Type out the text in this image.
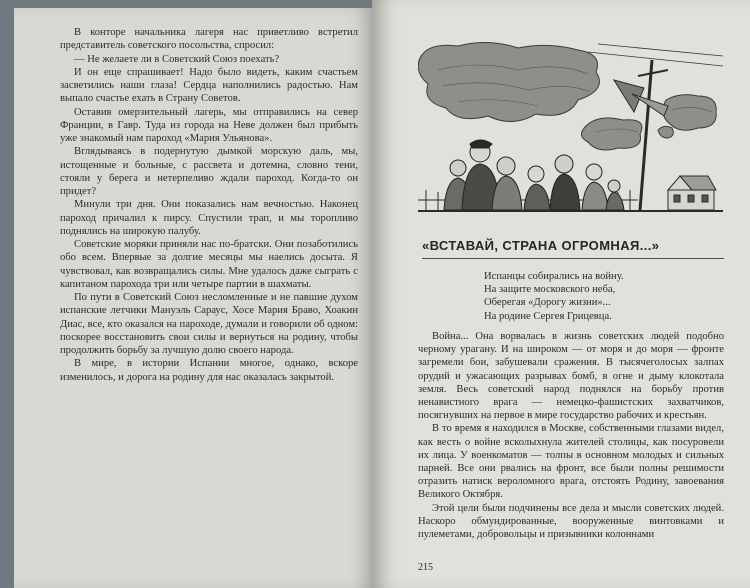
В конторе начальника лагеря нас приветливо встретил представитель советского посольства, спросил:

— Не желаете ли в Советский Союз поехать?

И он еще спрашивает! Надо было видеть, каким счастьем засветились наши глаза! Сердца наполнились радостью. Нам выпало счастье ехать в Страну Советов.

Оставив омерзительный лагерь, мы отправились на север Франции, в Гавр. Туда из города на Неве должен был прибыть уже знакомый нам пароход «Мария Ульянова».

Вглядываясь в подернутую дымкой морскую даль, мы, истощенные и больные, с рассвета и дотемна, словно тени, стояли у берега и нетерпеливо ждали пароход. Когда-то он придет?

Минули три дня. Они показались нам вечностью. Наконец пароход причалил к пирсу. Спустили трап, и мы торопливо поднялись на широкую палубу.

Советские моряки приняли нас по-братски. Они позаботились обо всем. Впервые за долгие месяцы мы наелись досыта. Я чувствовал, как возвращались силы. Мне удалось даже сыграть с капитаном парохода три или четыре партии в шахматы.

По пути в Советский Союз несломленные и не павшие духом испанские летчики Мануэль Сараус, Хосе Мария Браво, Хоакин Диас, все, кто оказался на пароходе, думали и говорили об одном: поскорее восстановить свои силы и вернуться на родину, чтобы продолжить борьбу за лучшую долю своего народа.

В мире, в истории Испании многое, однако, вскоре изменилось, и дорога на родину для нас оказалась закрытой.

«ВСТАВАЙ, СТРАНА ОГРОМНАЯ...»
Испанцы собирались на войну.
На защите московского неба,
Оберегая «Дорогу жизни»...
На родине Сергея Грицевца.

Война... Она ворвалась в жизнь советских людей подобно черному урагану. И на широком — от моря и до моря — фронте загремели бои, забушевали сражения. В тысячеголосых залпах орудий и ужасающих разрывах бомб, в огне и дыму клокотала земля. Весь советский народ поднялся на борьбу против ненавистного врага — немецко-фашистских захватчиков, посягнувших на первое в мире государство рабочих и крестьян.

В то время я находился в Москве, собственными глазами видел, как весть о войне всколыхнула жителей столицы, как посуровели их лица. У военкоматов — толпы в основном молодых и сильных парней. Все они рвались на фронт, все были полны решимости отразить натиск вероломного врага, отстоять Родину, завоевания Великого Октября.

Этой цели были подчинены все дела и мысли советских людей. Наскоро обмундированные, вооруженные винтовками и пулеметами, добровольцы и призывники колоннами

215
